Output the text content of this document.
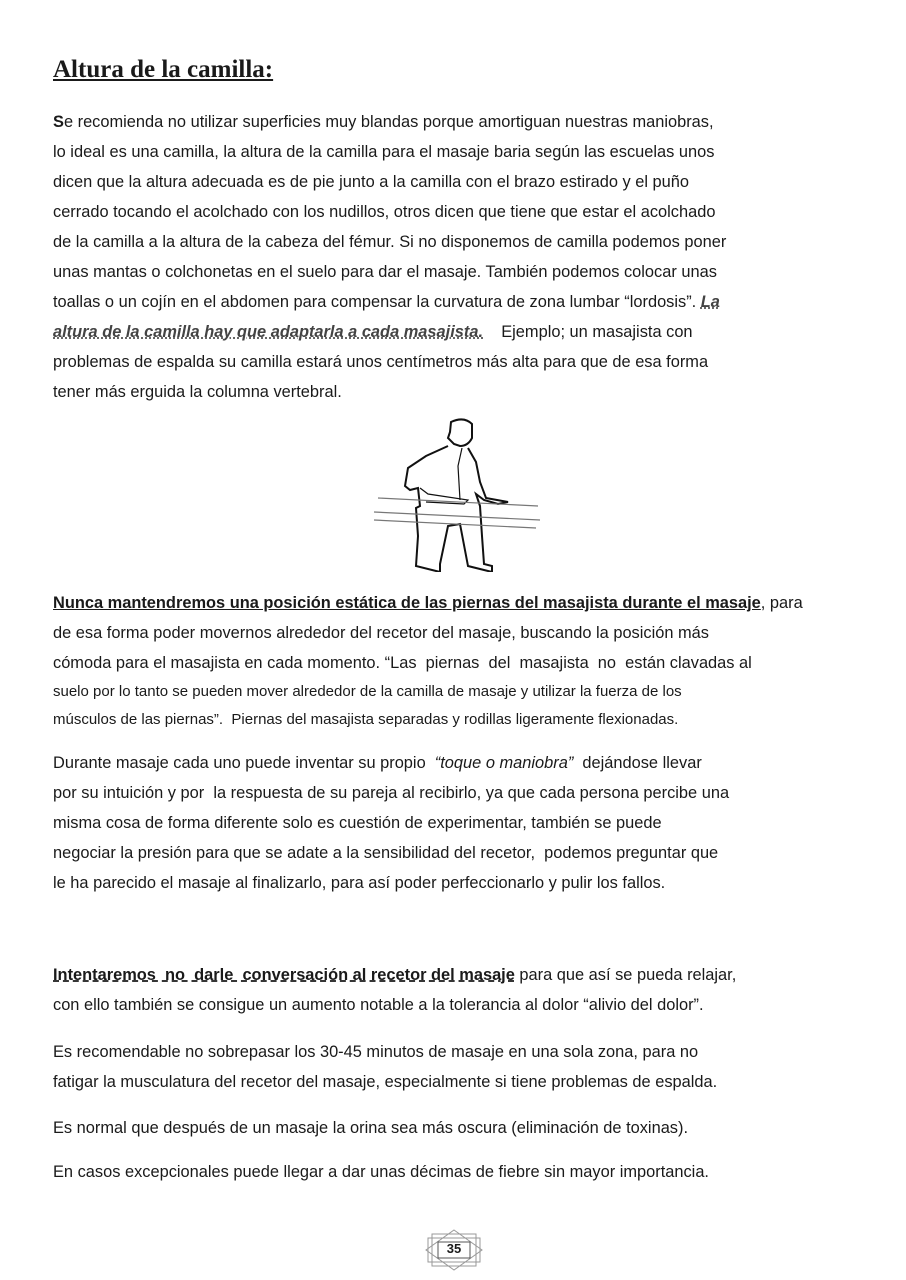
Altura de la camilla:
Se recomienda no utilizar superficies muy blandas porque amortiguan nuestras maniobras,
lo ideal es una camilla, la altura de la camilla para el masaje baria según las escuelas unos
dicen que la altura adecuada es de pie junto a la camilla con el brazo estirado y el puño
cerrado tocando el acolchado con los nudillos, otros dicen que tiene que estar el acolchado
de la camilla a la altura de la cabeza del fémur. Si no disponemos de camilla podemos poner
unas mantas o colchonetas en el suelo para dar el masaje. También podemos colocar unas
toallas o un cojín en el abdomen para compensar la curvatura de zona lumbar “lordosis”. La
altura de la camilla hay que adaptarla a cada masajista.    Ejemplo; un masajista con
problemas de espalda su camilla estará unos centímetros más alta para que de esa forma
tener más erguida la columna vertebral.
Nunca mantendremos una posición estática de las piernas del masajista durante el masaje, para
de esa forma poder movernos alrededor del recetor del masaje, buscando la posición más
cómoda para el masajista en cada momento. “Las  piernas  del  masajista  no  están clavadas al
suelo por lo tanto se pueden mover alrededor de la camilla de masaje y utilizar la fuerza de los
músculos de las piernas”.  Piernas del masajista separadas y rodillas ligeramente flexionadas.
Durante masaje cada uno puede inventar su propio  “toque o maniobra”  dejándose llevar
por su intuición y por  la respuesta de su pareja al recibirlo, ya que cada persona percibe una
misma cosa de forma diferente solo es cuestión de experimentar, también se puede
negociar la presión para que se adate a la sensibilidad del recetor,  podemos preguntar que
le ha parecido el masaje al finalizarlo, para así poder perfeccionarlo y pulir los fallos.
Intentaremos  no  darle  conversación al recetor del masaje para que así se pueda relajar,
con ello también se consigue un aumento notable a la tolerancia al dolor “alivio del dolor”.
Es recomendable no sobrepasar los 30-45 minutos de masaje en una sola zona, para no
fatigar la musculatura del recetor del masaje, especialmente si tiene problemas de espalda.
Es normal que después de un masaje la orina sea más oscura (eliminación de toxinas).
En casos excepcionales puede llegar a dar unas décimas de fiebre sin mayor importancia.
35
